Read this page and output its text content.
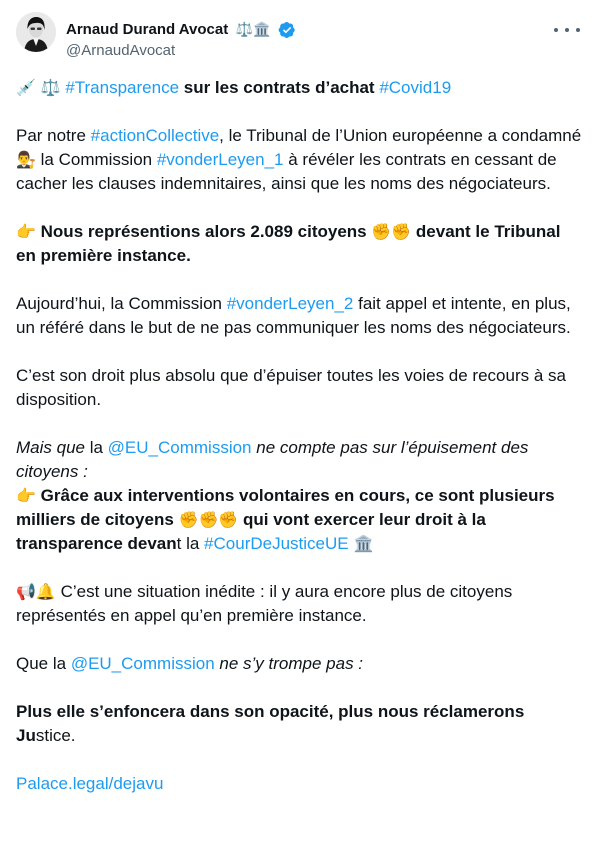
Arnaud Durand Avocat ⚖️🏛️
@ArnaudAvocat

💉 ⚖️ #Transparence sur les contrats d’achat #Covid19

Par notre #actionCollective, le Tribunal de l’Union européenne a condamné 👨‍⚖️ la Commission #vonderLeyen_1 à révéler les contrats en cessant de cacher les clauses indemnitaires, ainsi que les noms des négociateurs.

👉 Nous représentions alors 2.089 citoyens ✊✊ devant le Tribunal en première instance.

Aujourd’hui, la Commission #vonderLeyen_2 fait appel et intente, en plus, un référé dans le but de ne pas communiquer les noms des négociateurs.

C’est son droit plus absolu que d’épuiser toutes les voies de recours à sa disposition.

Mais que la @EU_Commission ne compte pas sur l’épuisement des citoyens :
👉 Grâce aux interventions volontaires en cours, ce sont plusieurs milliers de citoyens ✊✊✊ qui vont exercer leur droit à la transparence devant la #CourDeJusticeUE 🏛️

📢🔔 C’est une situation inédite : il y aura encore plus de citoyens représentés en appel qu’en première instance.

Que la @EU_Commission ne s’y trompe pas :

Plus elle s’enfoncera dans son opacité, plus nous réclamerons Justice.

Palace.legal/dejavu
